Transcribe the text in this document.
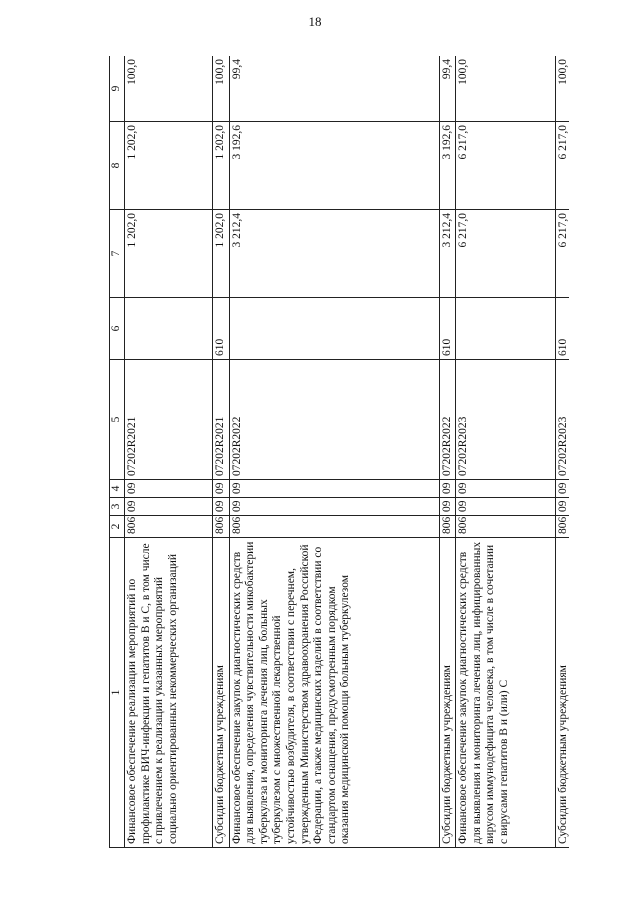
18
1	2	3	4	5	6	7	8	9
Финансовое обеспечение реализации мероприятий по профилактике ВИЧ-инфекции и гепатитов В и С, в том числе с привлечением к реализации указанных мероприятий социально ориентированных некоммерческих организаций	806	09	09	07202R2021		1 202,0	1 202,0	100,0
Субсидии бюджетным учреждениям	806	09	09	07202R2021	610	1 202,0	1 202,0	100,0
Финансовое обеспечение закупок диагностических средств для выявления, определения чувствительности микобактерии туберкулеза и мониторинга лечения лиц, больных туберкулезом с множественной лекарственной устойчивостью возбудителя, в соответствии с перечнем, утвержденным Министерством здравоохранения Российской Федерации, а также медицинских изделий в соответствии со стандартом оснащения, предусмотренным порядком оказания медицинской помощи больным туберкулезом	806	09	09	07202R2022		3 212,4	3 192,6	99,4
Субсидии бюджетным учреждениям	806	09	09	07202R2022	610	3 212,4	3 192,6	99,4
Финансовое обеспечение закупок диагностических средств для выявления и мониторинга лечения лиц, инфицированных вирусом иммунодефицита человека, в том числе в сочетании с вирусами гепатитов В и (или) С	806	09	09	07202R2023		6 217,0	6 217,0	100,0
Субсидии бюджетным учреждениям	806	09	09	07202R2023	610	6 217,0	6 217,0	100,0
